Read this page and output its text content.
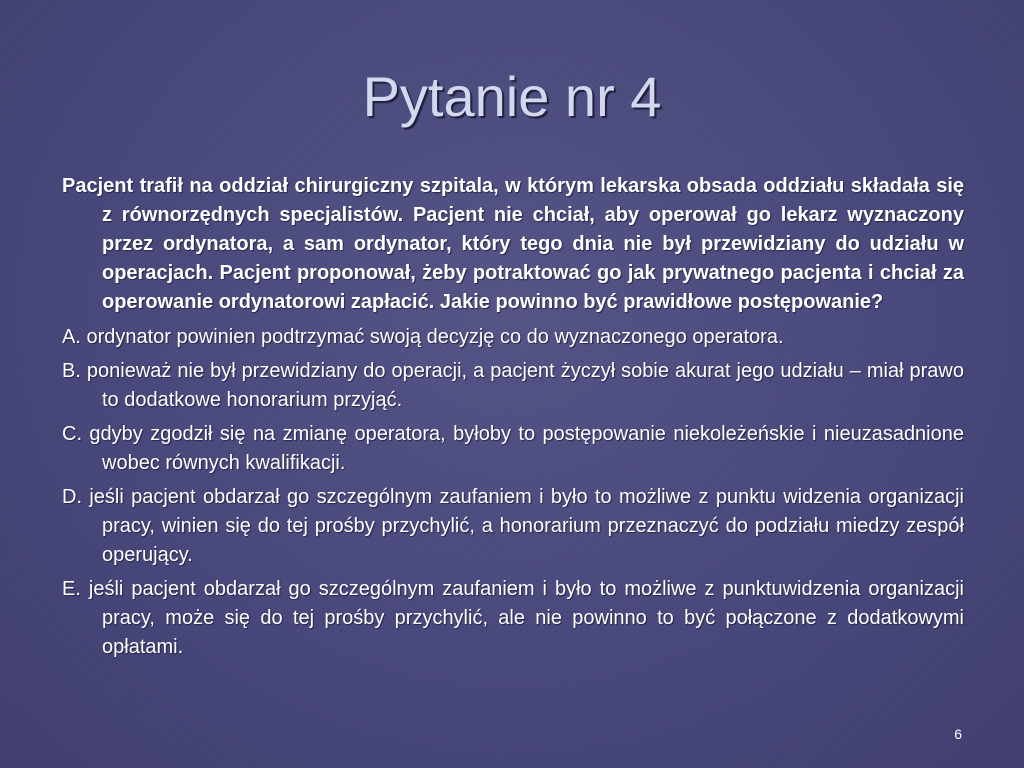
Pytanie nr 4

Pacjent trafił na oddział chirurgiczny szpitala, w którym lekarska obsada oddziału składała się z równorzędnych specjalistów. Pacjent nie chciał, aby operował go lekarz wyznaczony przez ordynatora, a sam ordynator, który tego dnia nie był przewidziany do udziału w operacjach. Pacjent proponował, żeby potraktować go jak prywatnego pacjenta i chciał za operowanie ordynatorowi zapłacić. Jakie powinno być prawidłowe postępowanie?

A. ordynator powinien podtrzymać swoją decyzję co do wyznaczonego operatora.

B. ponieważ nie był przewidziany do operacji, a pacjent życzył sobie akurat jego udziału – miał prawo to dodatkowe honorarium przyjąć.

C. gdyby zgodził się na zmianę operatora, byłoby to postępowanie niekoleżeńskie i nieuzasadnione wobec równych kwalifikacji.

D. jeśli pacjent obdarzał go szczególnym zaufaniem i było to możliwe z punktu widzenia organizacji pracy, winien się do tej prośby przychylić, a honorarium przeznaczyć do podziału miedzy zespół operujący.

E. jeśli pacjent obdarzał go szczególnym zaufaniem i było to możliwe z punktuwidzenia organizacji pracy, może się do tej prośby przychylić, ale nie powinno to być połączone z dodatkowymi opłatami.

6
